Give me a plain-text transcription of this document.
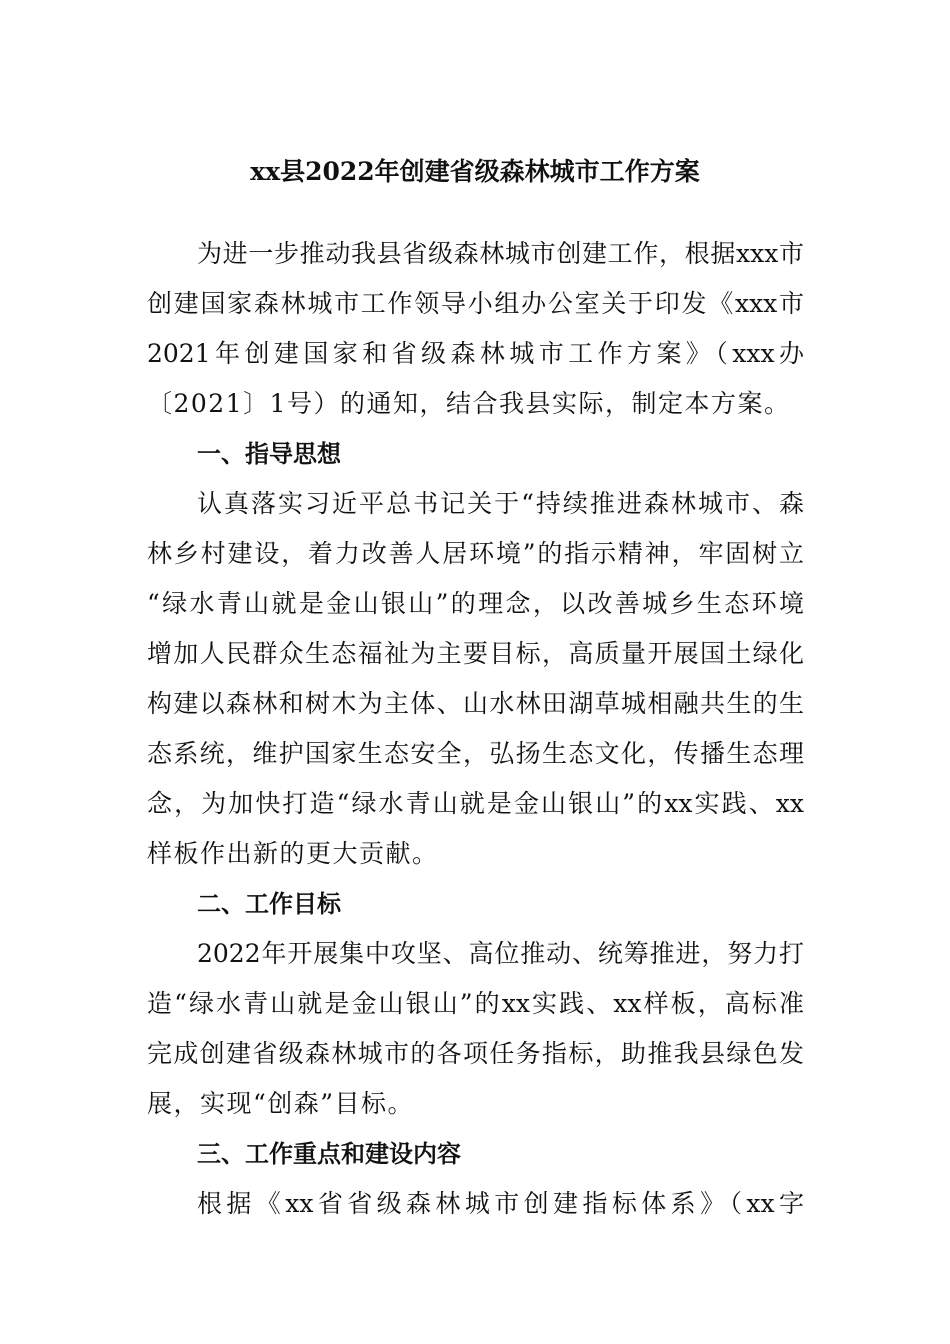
xx县2022年创建省级森林城市工作方案
为进一步推动我县省级森林城市创建工作，根据xxx市
创建国家森林城市工作领导小组办公室关于印发《xxx市
2021年创建国家和省级森林城市工作方案》（xxx办
〔2021〕1号）的通知，结合我县实际，制定本方案。
一、指导思想
认真落实习近平总书记关于“持续推进森林城市、森
林乡村建设，着力改善人居环境”的指示精神，牢固树立
“绿水青山就是金山银山”的理念，以改善城乡生态环境
增加人民群众生态福祉为主要目标，高质量开展国土绿化
构建以森林和树木为主体、山水林田湖草城相融共生的生
态系统，维护国家生态安全，弘扬生态文化，传播生态理
念，为加快打造“绿水青山就是金山银山”的xx实践、xx
样板作出新的更大贡献。
二、工作目标
2022年开展集中攻坚、高位推动、统筹推进，努力打
造“绿水青山就是金山银山”的xx实践、xx样板，高标准
完成创建省级森林城市的各项任务指标，助推我县绿色发
展，实现“创森”目标。
三、工作重点和建设内容
根据《xx省省级森林城市创建指标体系》（xx字
